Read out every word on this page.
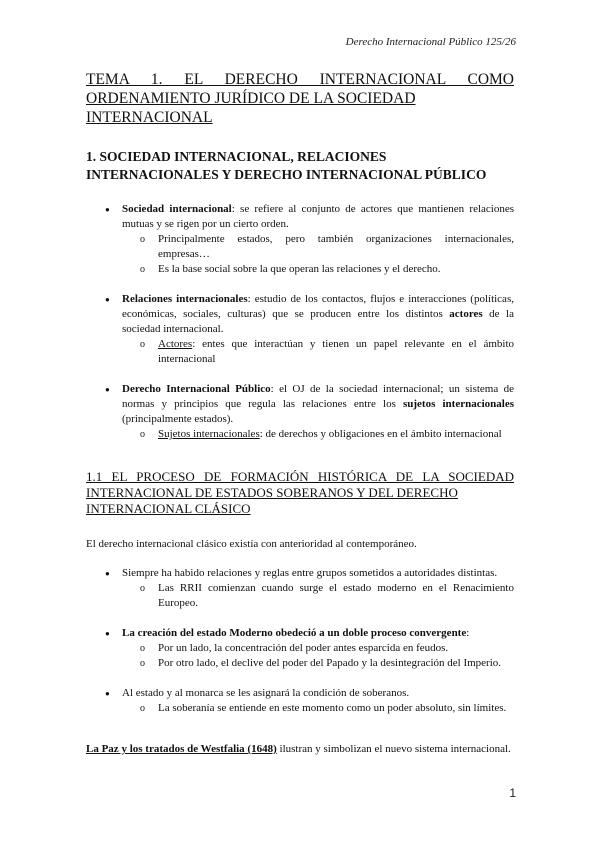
Derecho Internacional Público 125/26

TEMA 1. EL DERECHO INTERNACIONAL COMO ORDENAMIENTO JURÍDICO DE LA SOCIEDAD
INTERNACIONAL

1. SOCIEDAD INTERNACIONAL, RELACIONES INTERNACIONALES Y DERECHO INTERNACIONAL PÚBLICO

● Sociedad internacional: se refiere al conjunto de actores que mantienen relaciones mutuas y se rigen por un cierto orden.
o Principalmente estados, pero también organizaciones internacionales, empresas…
o Es la base social sobre la que operan las relaciones y el derecho.
● Relaciones internacionales: estudio de los contactos, flujos e interacciones (políticas, económicas, sociales, culturas) que se producen entre los distintos actores de la sociedad internacional.
o Actores: entes que interactúan y tienen un papel relevante en el ámbito internacional
● Derecho Internacional Público: el OJ de la sociedad internacional; un sistema de normas y principios que regula las relaciones entre los sujetos internacionales (principalmente estados).
o Sujetos internacionales: de derechos y obligaciones en el ámbito internacional

1.1 EL PROCESO DE FORMACIÓN HISTÓRICA DE LA SOCIEDAD INTERNACIONAL DE ESTADOS SOBERANOS Y DEL DERECHO
INTERNACIONAL CLÁSICO

El derecho internacional clásico existía con anterioridad al contemporáneo.

● Siempre ha habido relaciones y reglas entre grupos sometidos a autoridades distintas.
o Las RRII comienzan cuando surge el estado moderno en el Renacimiento Europeo.
● La creación del estado Moderno obedeció a un doble proceso convergente:
o Por un lado, la concentración del poder antes esparcida en feudos.
o Por otro lado, el declive del poder del Papado y la desintegración del Imperio.
● Al estado y al monarca se les asignará la condición de soberanos.
o La soberanía se entiende en este momento como un poder absoluto, sin límites.

La Paz y los tratados de Westfalia (1648) ilustran y simbolizan el nuevo sistema internacional.

1
